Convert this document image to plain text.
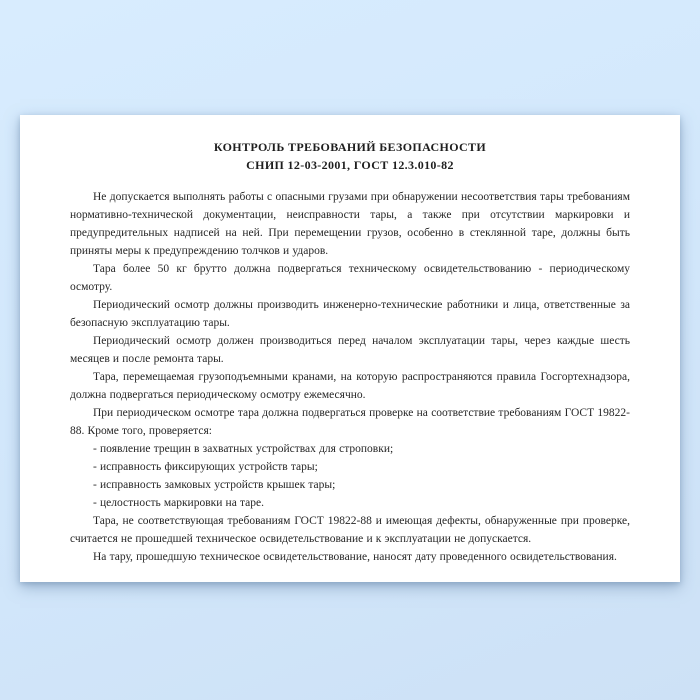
КОНТРОЛЬ ТРЕБОВАНИЙ БЕЗОПАСНОСТИ
СНИП 12-03-2001, ГОСТ 12.3.010-82

Не допускается выполнять работы с опасными грузами при обнаружении несоответствия тары требованиям нормативно-технической документации, неисправности тары, а также при отсутствии маркировки и предупредительных надписей на ней. При перемещении грузов, особенно в стеклянной таре, должны быть приняты меры к предупреждению толчков и ударов.

Тара более 50 кг брутто должна подвергаться техническому освидетельствованию - периодическому осмотру.

Периодический осмотр должны производить инженерно-технические работники и лица, ответственные за безопасную эксплуатацию тары.

Периодический осмотр должен производиться перед началом эксплуатации тары, через каждые шесть месяцев и после ремонта тары.

Тара, перемещаемая грузоподъемными кранами, на которую распространяются правила Госгортехнадзора, должна подвергаться периодическому осмотру ежемесячно.

При периодическом осмотре тара должна подвергаться проверке на соответствие требованиям ГОСТ 19822-88. Кроме того, проверяется:

- появление трещин в захватных устройствах для строповки;

- исправность фиксирующих устройств тары;

- исправность замковых устройств крышек тары;

- целостность маркировки на таре.

Тара, не соответствующая требованиям ГОСТ 19822-88 и имеющая дефекты, обнаруженные при проверке, считается не прошедшей техническое освидетельствование и к эксплуатации не допускается.

На тару, прошедшую техническое освидетельствование, наносят дату проведенного освидетельствования.
